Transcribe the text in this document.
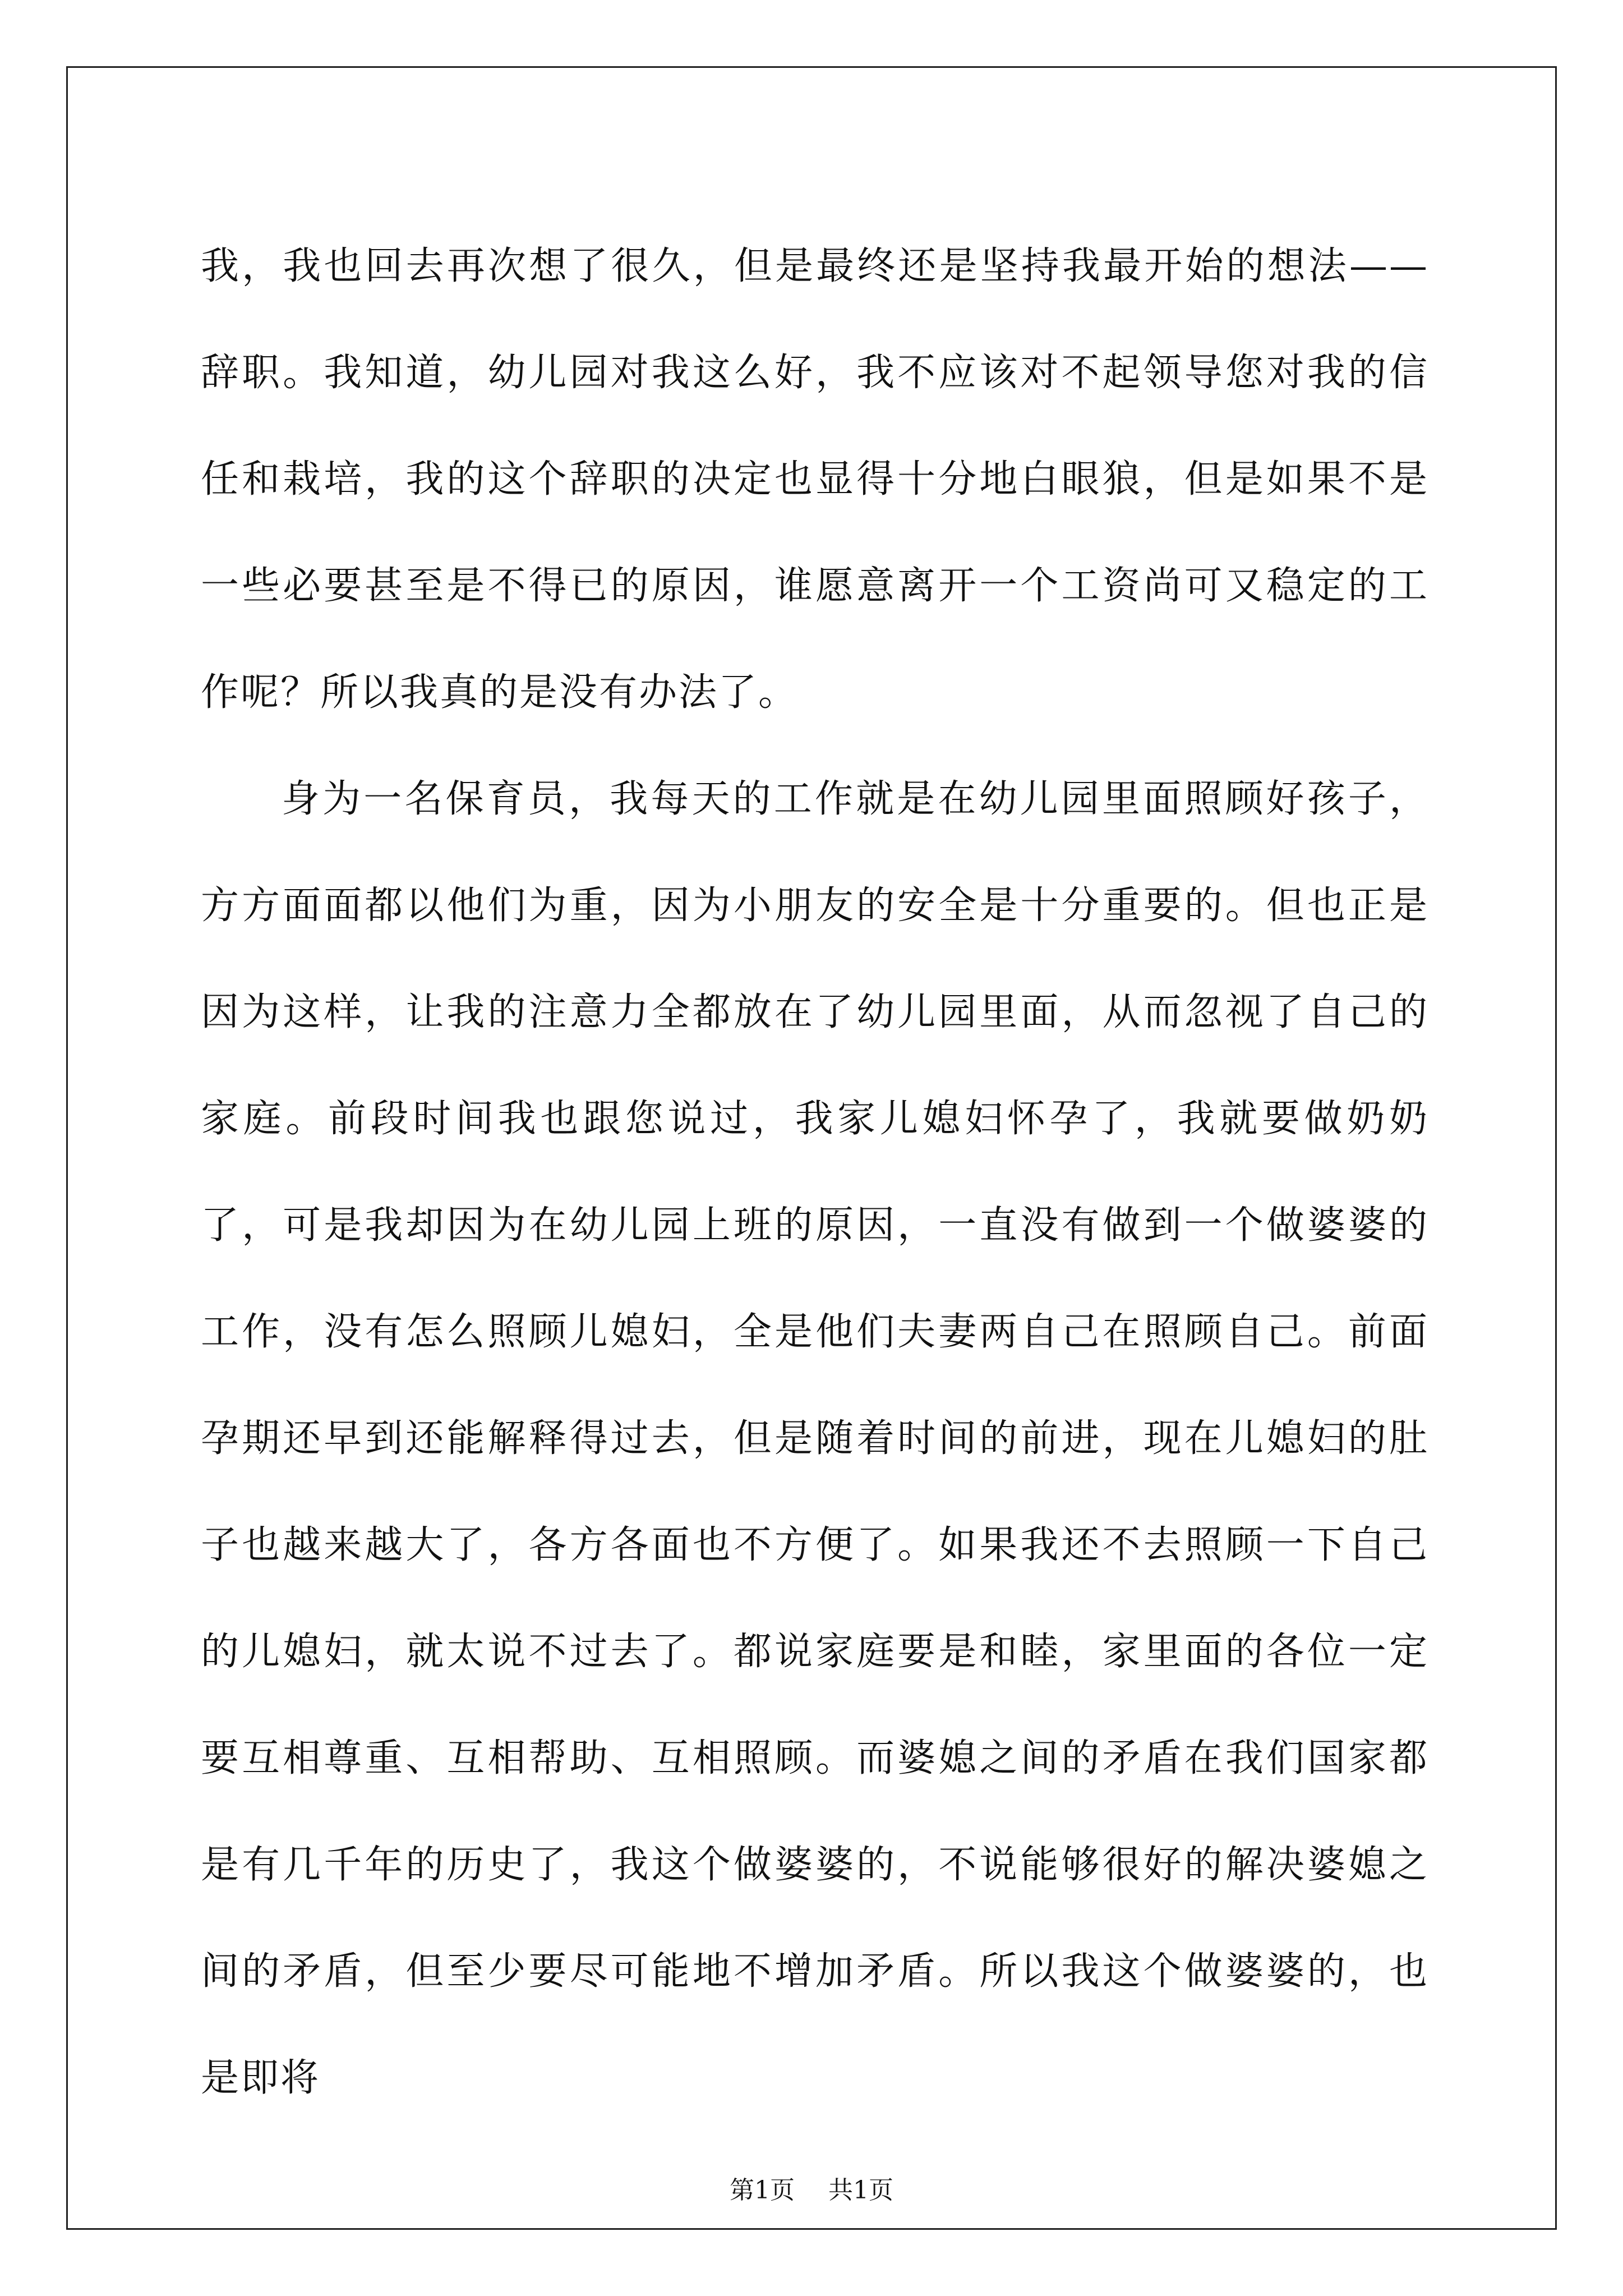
我，我也回去再次想了很久，但是最终还是坚持我最开始的想法——辞职。我知道，幼儿园对我这么好，我不应该对不起领导您对我的信任和栽培，我的这个辞职的决定也显得十分地白眼狼，但是如果不是一些必要甚至是不得已的原因，谁愿意离开一个工资尚可又稳定的工作呢？所以我真的是没有办法了。

身为一名保育员，我每天的工作就是在幼儿园里面照顾好孩子，方方面面都以他们为重，因为小朋友的安全是十分重要的。但也正是因为这样，让我的注意力全都放在了幼儿园里面，从而忽视了自己的家庭。前段时间我也跟您说过，我家儿媳妇怀孕了，我就要做奶奶了，可是我却因为在幼儿园上班的原因，一直没有做到一个做婆婆的工作，没有怎么照顾儿媳妇，全是他们夫妻两自己在照顾自己。前面孕期还早到还能解释得过去，但是随着时间的前进，现在儿媳妇的肚子也越来越大了，各方各面也不方便了。如果我还不去照顾一下自己的儿媳妇，就太说不过去了。都说家庭要是和睦，家里面的各位一定要互相尊重、互相帮助、互相照顾。而婆媳之间的矛盾在我们国家都是有几千年的历史了，我这个做婆婆的，不说能够很好的解决婆媳之间的矛盾，但至少要尽可能地不增加矛盾。所以我这个做婆婆的，也是即将

第1页 共1页
